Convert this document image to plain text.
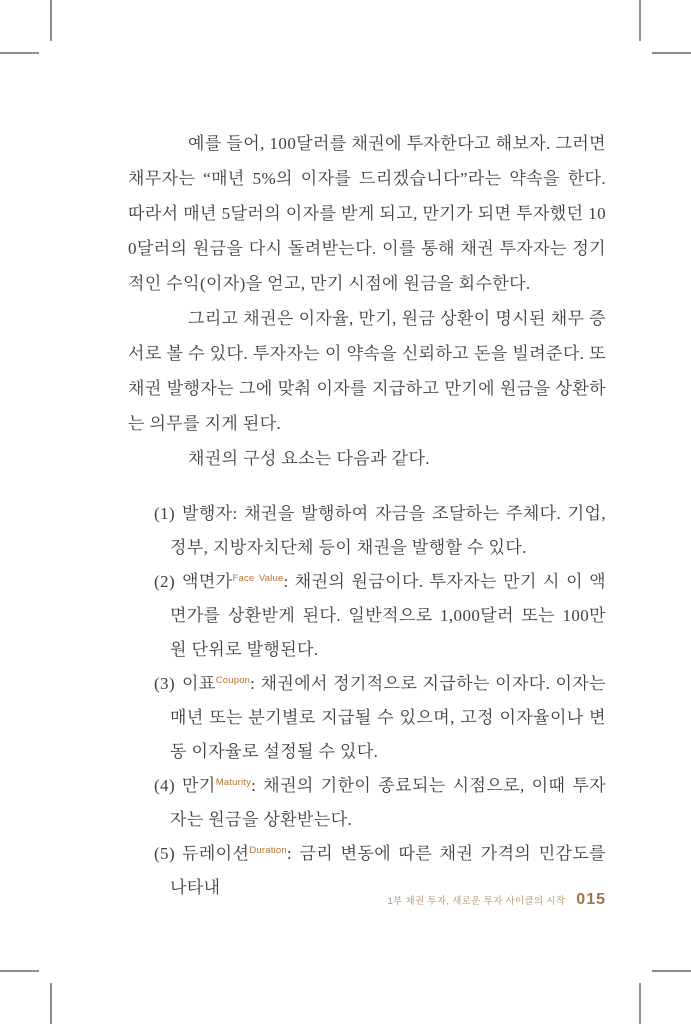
예를 들어, 100달러를 채권에 투자한다고 해보자. 그러면 채무자는 “매년 5%의 이자를 드리겠습니다”라는 약속을 한다. 따라서 매년 5달러의 이자를 받게 되고, 만기가 되면 투자했던 100달러의 원금을 다시 돌려받는다. 이를 통해 채권 투자자는 정기적인 수익(이자)을 얻고, 만기 시점에 원금을 회수한다.

그리고 채권은 이자율, 만기, 원금 상환이 명시된 채무 증서로 볼 수 있다. 투자자는 이 약속을 신뢰하고 돈을 빌려준다. 또 채권 발행자는 그에 맞춰 이자를 지급하고 만기에 원금을 상환하는 의무를 지게 된다.

채권의 구성 요소는 다음과 같다.

(1) 발행자: 채권을 발행하여 자금을 조달하는 주체다. 기업, 정부, 지방자치단체 등이 채권을 발행할 수 있다.
(2) 액면가$^{Face Value}$: 채권의 원금이다. 투자자는 만기 시 이 액면가를 상환받게 된다. 일반적으로 1,000달러 또는 100만 원 단위로 발행된다.
(3) 이표$^{Coupon}$: 채권에서 정기적으로 지급하는 이자다. 이자는 매년 또는 분기별로 지급될 수 있으며, 고정 이자율이나 변동 이자율로 설정될 수 있다.
(4) 만기$^{Maturity}$: 채권의 기한이 종료되는 시점으로, 이때 투자자는 원금을 상환받는다.
(5) 듀레이션$^{Duration}$: 금리 변동에 따른 채권 가격의 민감도를 나타내
1부 채권 투자, 새로운 투자 사이클의 시작 015
